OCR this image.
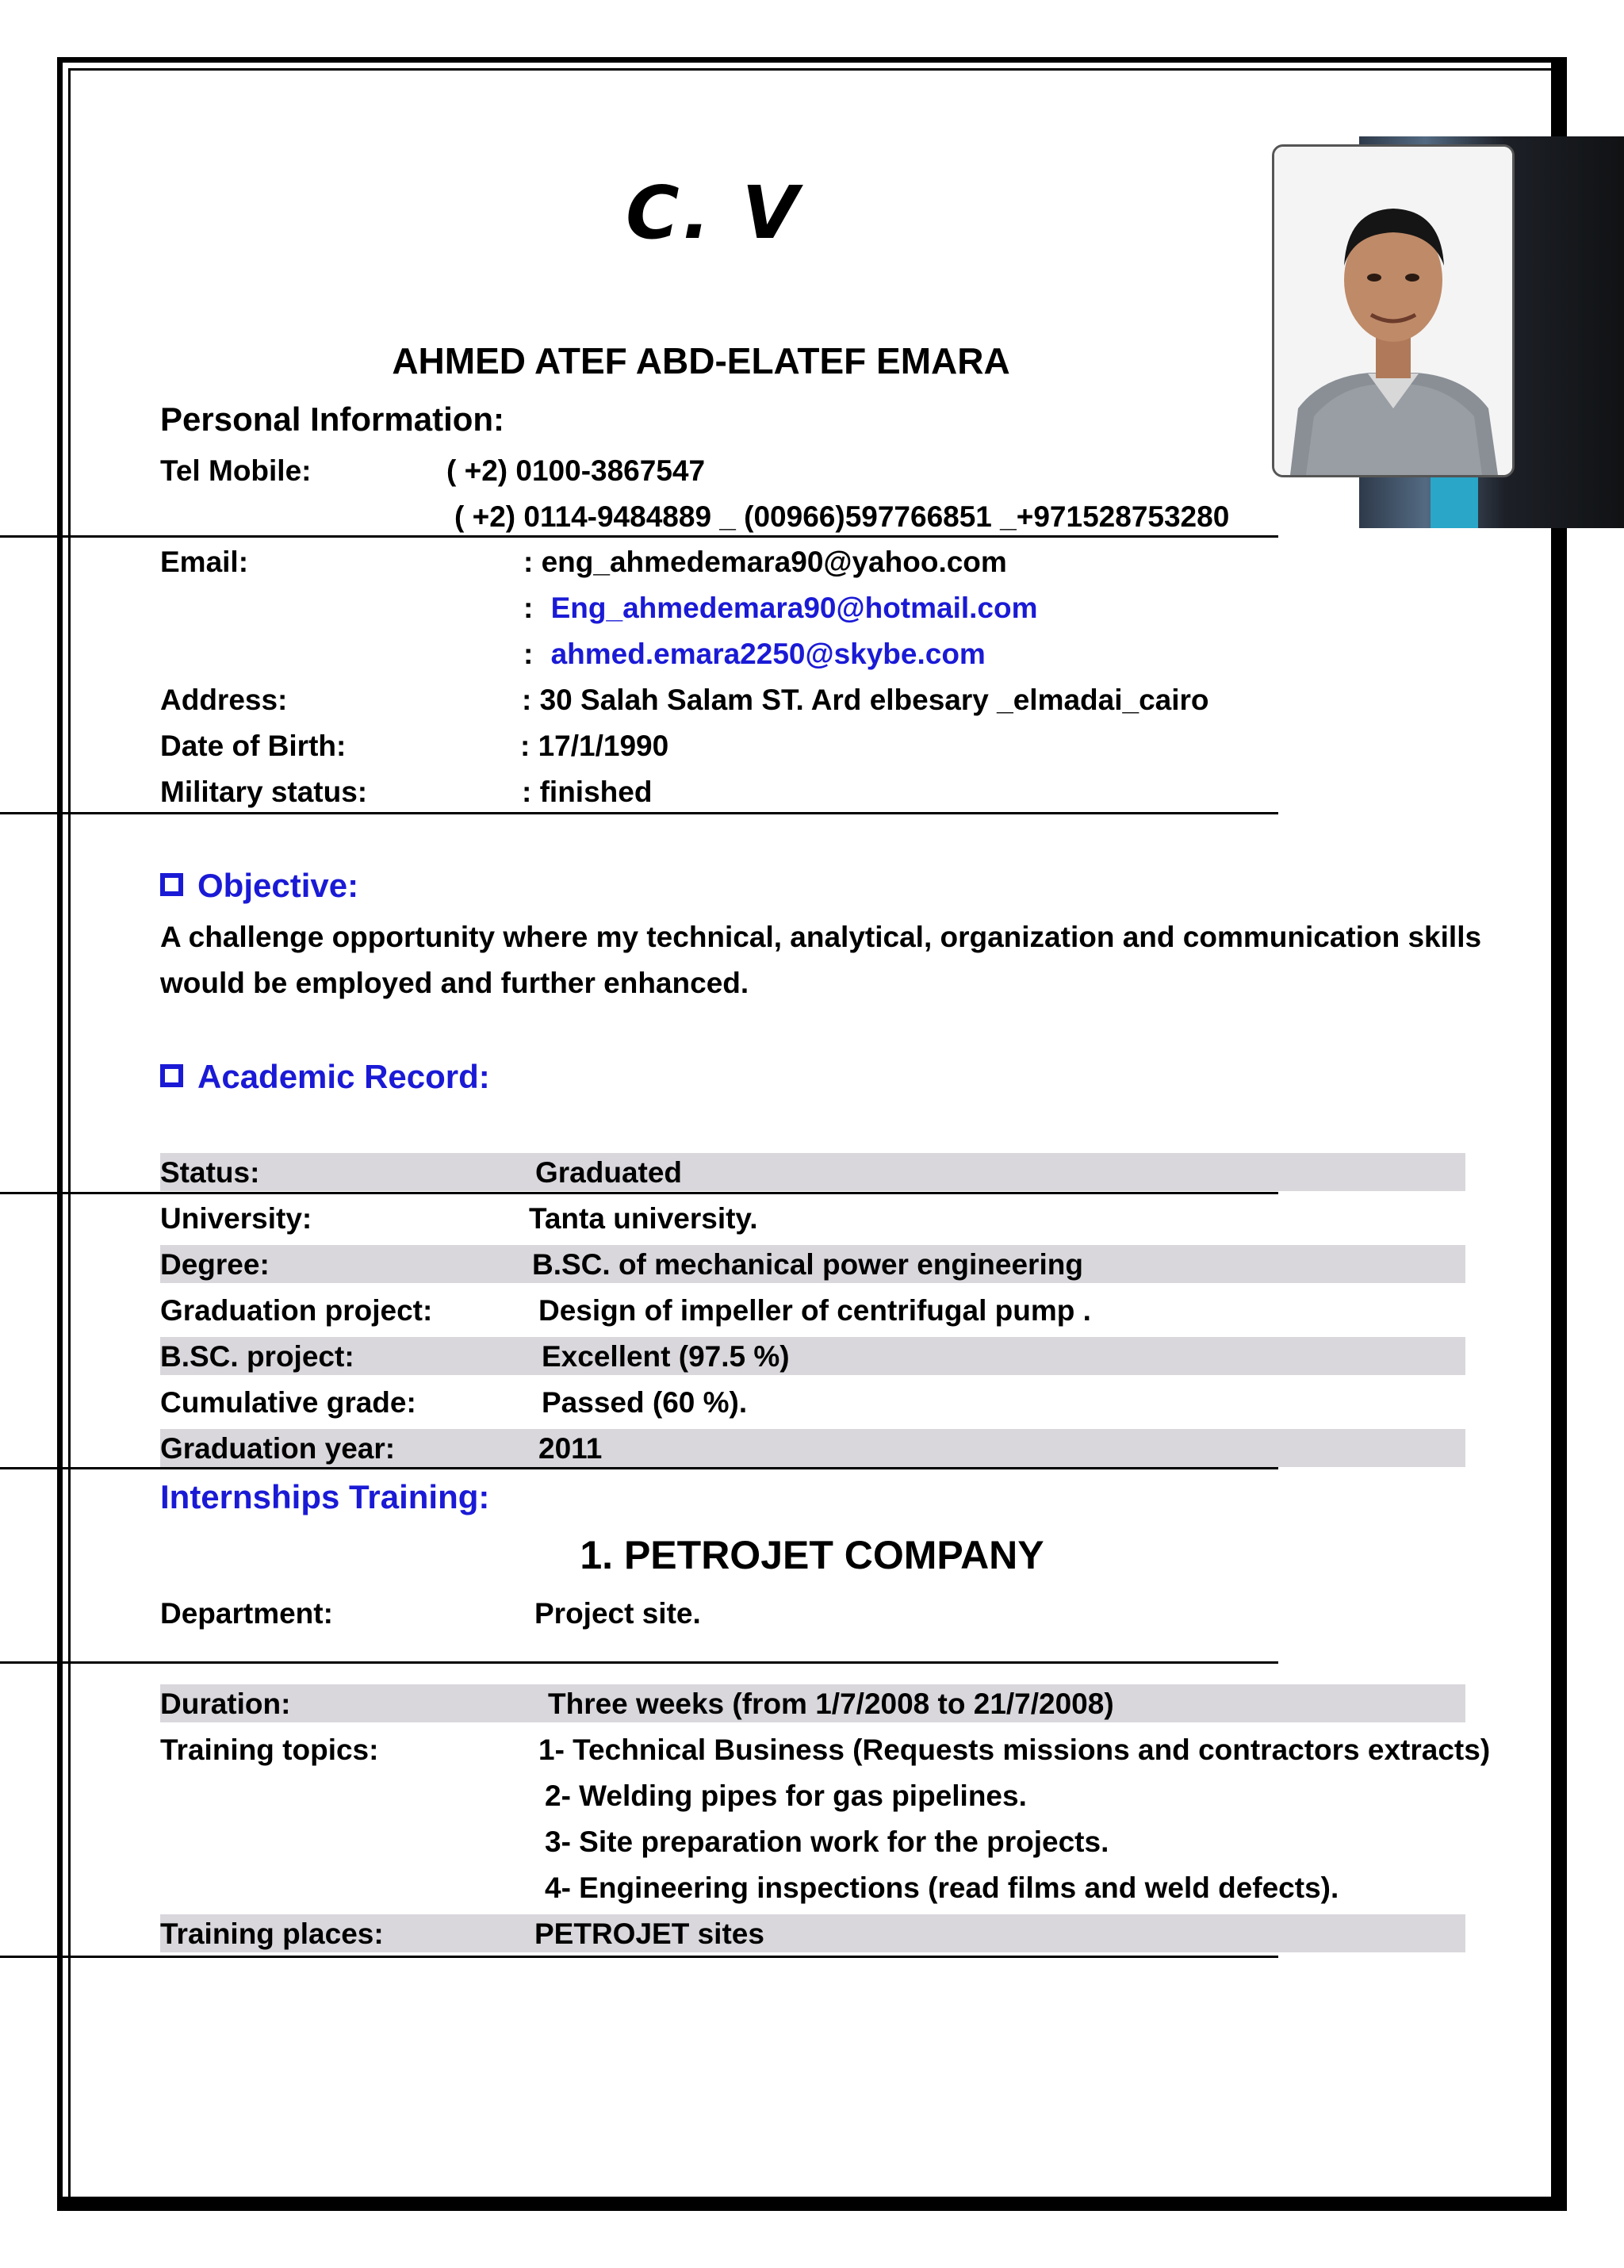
C. V
AHMED ATEF ABD-ELATEF EMARA
Personal Information:
Tel Mobile:	( +2) 0100-3867547
( +2) 0114-9484889 _ (00966)597766851 _+971528753280
Email:	: eng_ahmedemara90@yahoo.com
: Eng_ahmedemara90@hotmail.com
: ahmed.emara2250@skybe.com
Address:	: 30 Salah Salam ST. Ard elbesary _elmadai_cairo
Date of Birth:	: 17/1/1990
Military status:	: finished
Objective:
A challenge opportunity where my technical, analytical, organization and communication skills
would be employed and further enhanced.
Academic Record:
Status:	Graduated
University:	Tanta university.
Degree:	B.SC. of mechanical power engineering
Graduation project:	Design of impeller of centrifugal pump .
B.SC. project:	Excellent (97.5 %)
Cumulative grade:	Passed (60 %).
Graduation year:	2011
Internships Training:
1. PETROJET COMPANY
Department:	Project site.
Duration:	Three weeks (from 1/7/2008 to 21/7/2008)
Training topics:	1- Technical Business (Requests missions and contractors extracts)
2- Welding pipes for gas pipelines.
3- Site preparation work for the projects.
4- Engineering inspections (read films and weld defects).
Training places:	PETROJET sites
